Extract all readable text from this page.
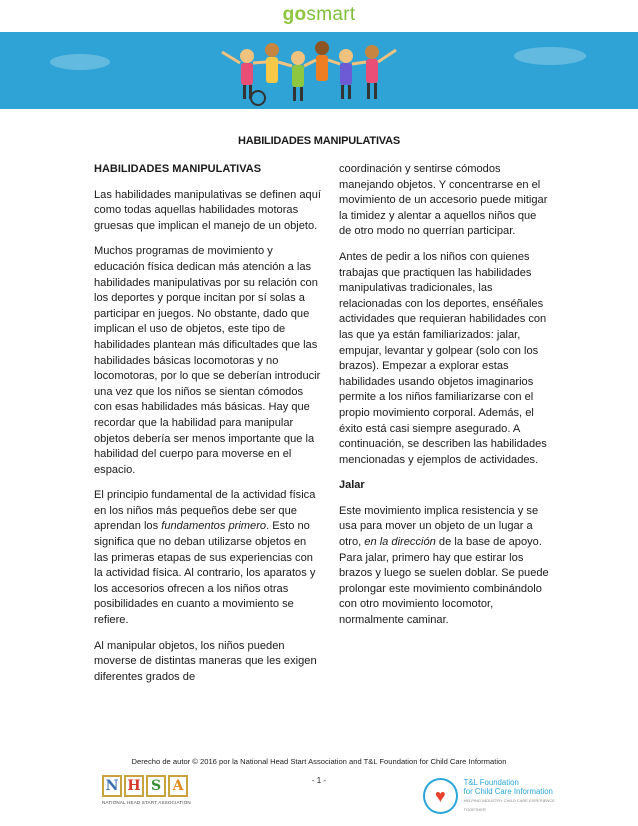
gosmart
HABILIDADES MANIPULATIVAS
HABILIDADES MANIPULATIVAS

Las habilidades manipulativas se definen aquí como todas aquellas habilidades motoras gruesas que implican el manejo de un objeto.

Muchos programas de movimiento y educación física dedican más atención a las habilidades manipulativas por su relación con los deportes y porque incitan por sí solas a participar en juegos. No obstante, dado que implican el uso de objetos, este tipo de habilidades plantean más dificultades que las habilidades básicas locomotoras y no locomotoras, por lo que se deberían introducir una vez que los niños se sientan cómodos con esas habilidades más básicas. Hay que recordar que la habilidad para manipular objetos debería ser menos importante que la habilidad del cuerpo para moverse en el espacio.

El principio fundamental de la actividad física en los niños más pequeños debe ser que aprendan los fundamentos primero. Esto no significa que no deban utilizarse objetos en las primeras etapas de sus experiencias con la actividad física. Al contrario, los aparatos y los accesorios ofrecen a los niños otras posibilidades en cuanto a movimiento se refiere.

Al manipular objetos, los niños pueden moverse de distintas maneras que les exigen diferentes grados de

coordinación y sentirse cómodos manejando objetos. Y concentrarse en el movimiento de un accesorio puede mitigar la timidez y alentar a aquellos niños que de otro modo no querrían participar.

Antes de pedir a los niños con quienes trabajas que practiquen las habilidades manipulativas tradicionales, las relacionadas con los deportes, enséñales actividades que requieran habilidades con las que ya están familiarizados: jalar, empujar, levantar y golpear (solo con los brazos). Empezar a explorar estas habilidades usando objetos imaginarios permite a los niños familiarizarse con el propio movimiento corporal. Además, el éxito está casi siempre asegurado. A continuación, se describen las habilidades mencionadas y ejemplos de actividades.

Jalar

Este movimiento implica resistencia y se usa para mover un objeto de un lugar a otro, en la dirección de la base de apoyo. Para jalar, primero hay que estirar los brazos y luego se suelen doblar. Se puede prolongar este movimiento combinándolo con otro movimiento locomotor, normalmente caminar.

Derecho de autor © 2016 por la National Head Start Association and T&L Foundation for Child Care Information
- 1 -
N H S A
NATIONAL HEAD START ASSOCIATION	♥
T&L Foundation
for Child Care Information
HELPING INDUSTRY CHILD CARE EXPERIENCE TOGETHER
